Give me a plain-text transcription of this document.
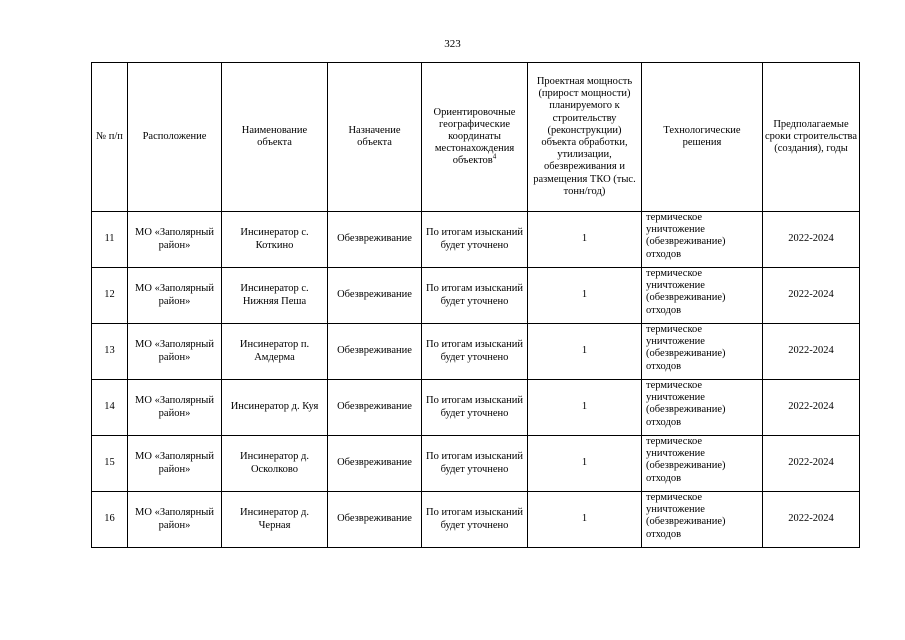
323
№ п/п	Расположение	Наименование объекта	Назначение объекта	Ориентировочные географические координаты местонахождения объектов$^4$	Проектная мощность (прирост мощности) планируемого к строительству (реконструкции) объекта обработки, утилизации, обезвреживания и размещения ТКО (тыс. тонн/год)	Технологические решения	Предполагаемые сроки строительства (создания), годы
11	МО «Заполярный район»	Инсинератор с. Коткино	Обезвреживание	По итогам изысканий будет уточнено	1	термическое уничтожение (обезвреживание) отходов	2022-2024
12	МО «Заполярный район»	Инсинератор с. Нижняя Пеша	Обезвреживание	По итогам изысканий будет уточнено	1	термическое уничтожение (обезвреживание) отходов	2022-2024
13	МО «Заполярный район»	Инсинератор п. Амдерма	Обезвреживание	По итогам изысканий будет уточнено	1	термическое уничтожение (обезвреживание) отходов	2022-2024
14	МО «Заполярный район»	Инсинератор д. Куя	Обезвреживание	По итогам изысканий будет уточнено	1	термическое уничтожение (обезвреживание) отходов	2022-2024
15	МО «Заполярный район»	Инсинератор д. Осколково	Обезвреживание	По итогам изысканий будет уточнено	1	термическое уничтожение (обезвреживание) отходов	2022-2024
16	МО «Заполярный район»	Инсинератор д. Черная	Обезвреживание	По итогам изысканий будет уточнено	1	термическое уничтожение (обезвреживание) отходов	2022-2024
